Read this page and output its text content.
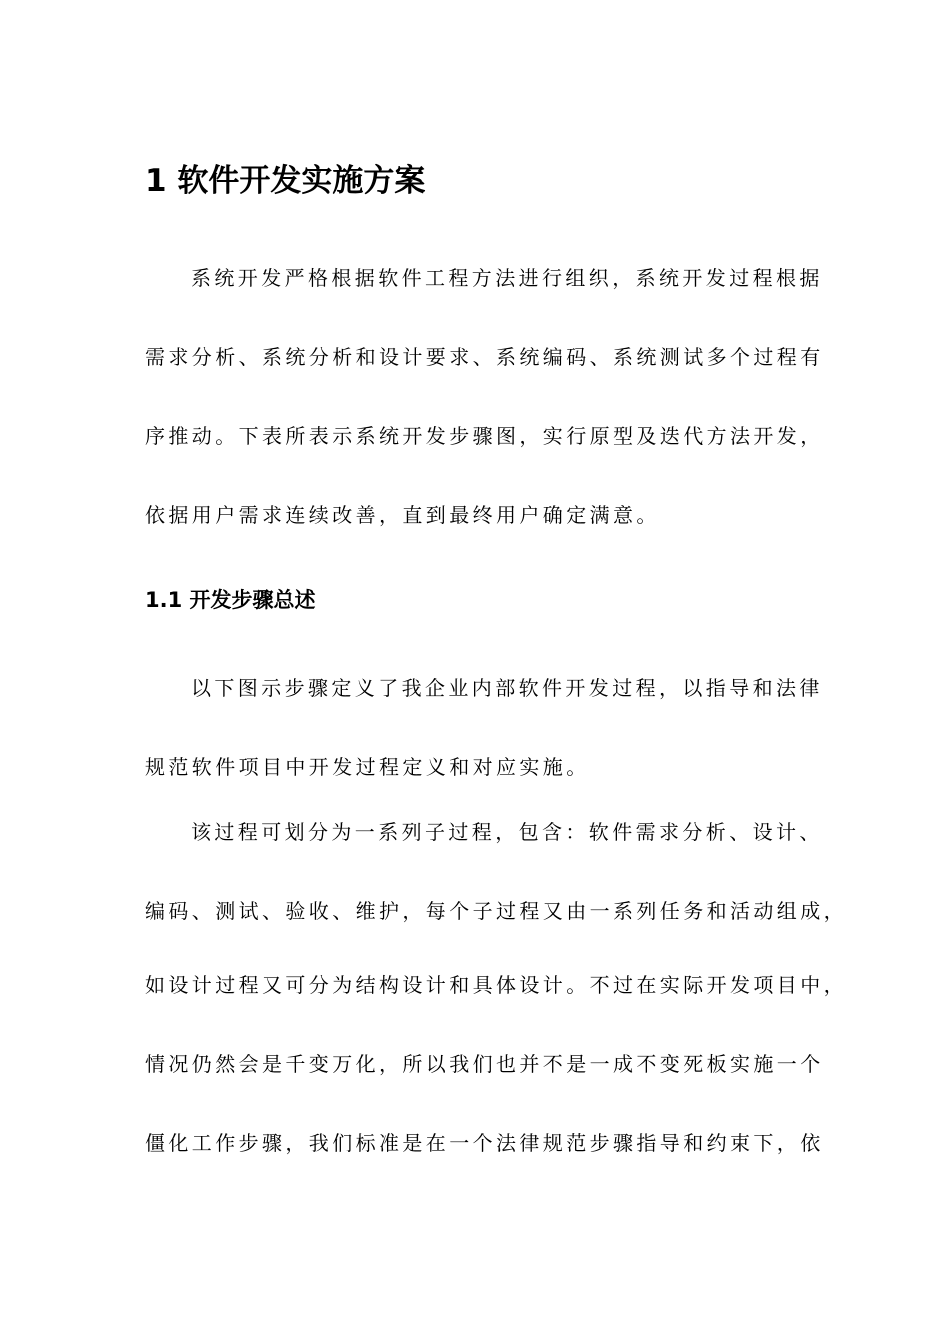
1 软件开发实施方案
系统开发严格根据软件工程方法进行组织，系统开发过程根据
需求分析、系统分析和设计要求、系统编码、系统测试多个过程有
序推动。下表所表示系统开发步骤图，实行原型及迭代方法开发，
依据用户需求连续改善，直到最终用户确定满意。
1.1 开发步骤总述
以下图示步骤定义了我企业内部软件开发过程，以指导和法律
规范软件项目中开发过程定义和对应实施。
该过程可划分为一系列子过程，包含：软件需求分析、设计、
编码、测试、验收、维护，每个子过程又由一系列任务和活动组成，
如设计过程又可分为结构设计和具体设计。不过在实际开发项目中，
情况仍然会是千变万化，所以我们也并不是一成不变死板实施一个
僵化工作步骤，我们标准是在一个法律规范步骤指导和约束下，依
